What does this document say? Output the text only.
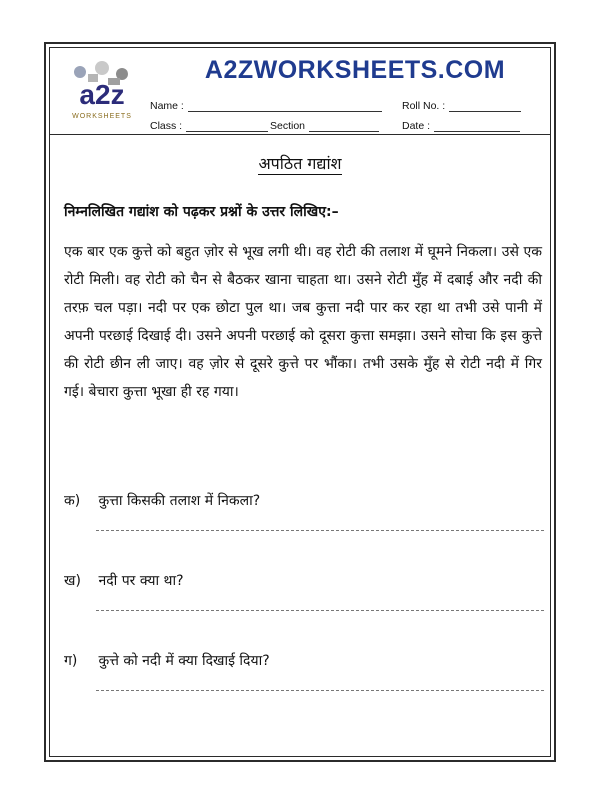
a2z
WORKSHEETS
A2ZWORKSHEETS.COM
Name :	Roll No. :
Class :	Section	Date :
अपठित गद्यांश
निम्नलिखित गद्यांश को पढ़कर प्रश्नों के उत्तर लिखिए:–
एक बार एक कुत्ते को बहुत ज़ोर से भूख लगी थी। वह रोटी की तलाश में घूमने निकला। उसे एक रोटी मिली। वह रोटी को चैन से बैठकर खाना चाहता था। उसने रोटी मुँह में दबाई और नदी की तरफ़ चल पड़ा। नदी पर एक छोटा पुल था। जब कुत्ता नदी पार कर रहा था तभी उसे पानी में अपनी परछाई दिखाई दी। उसने अपनी परछाई को दूसरा कुत्ता समझा। उसने सोचा कि इस कुत्ते की रोटी छीन ली जाए। वह ज़ोर से दूसरे कुत्ते पर भौंका। तभी उसके मुँह से रोटी नदी में गिर गई। बेचारा कुत्ता भूखा ही रह गया।
क) कुत्ता किसकी तलाश में निकला?
ख) नदी पर क्या था?
ग) कुत्ते को नदी में क्या दिखाई दिया?
